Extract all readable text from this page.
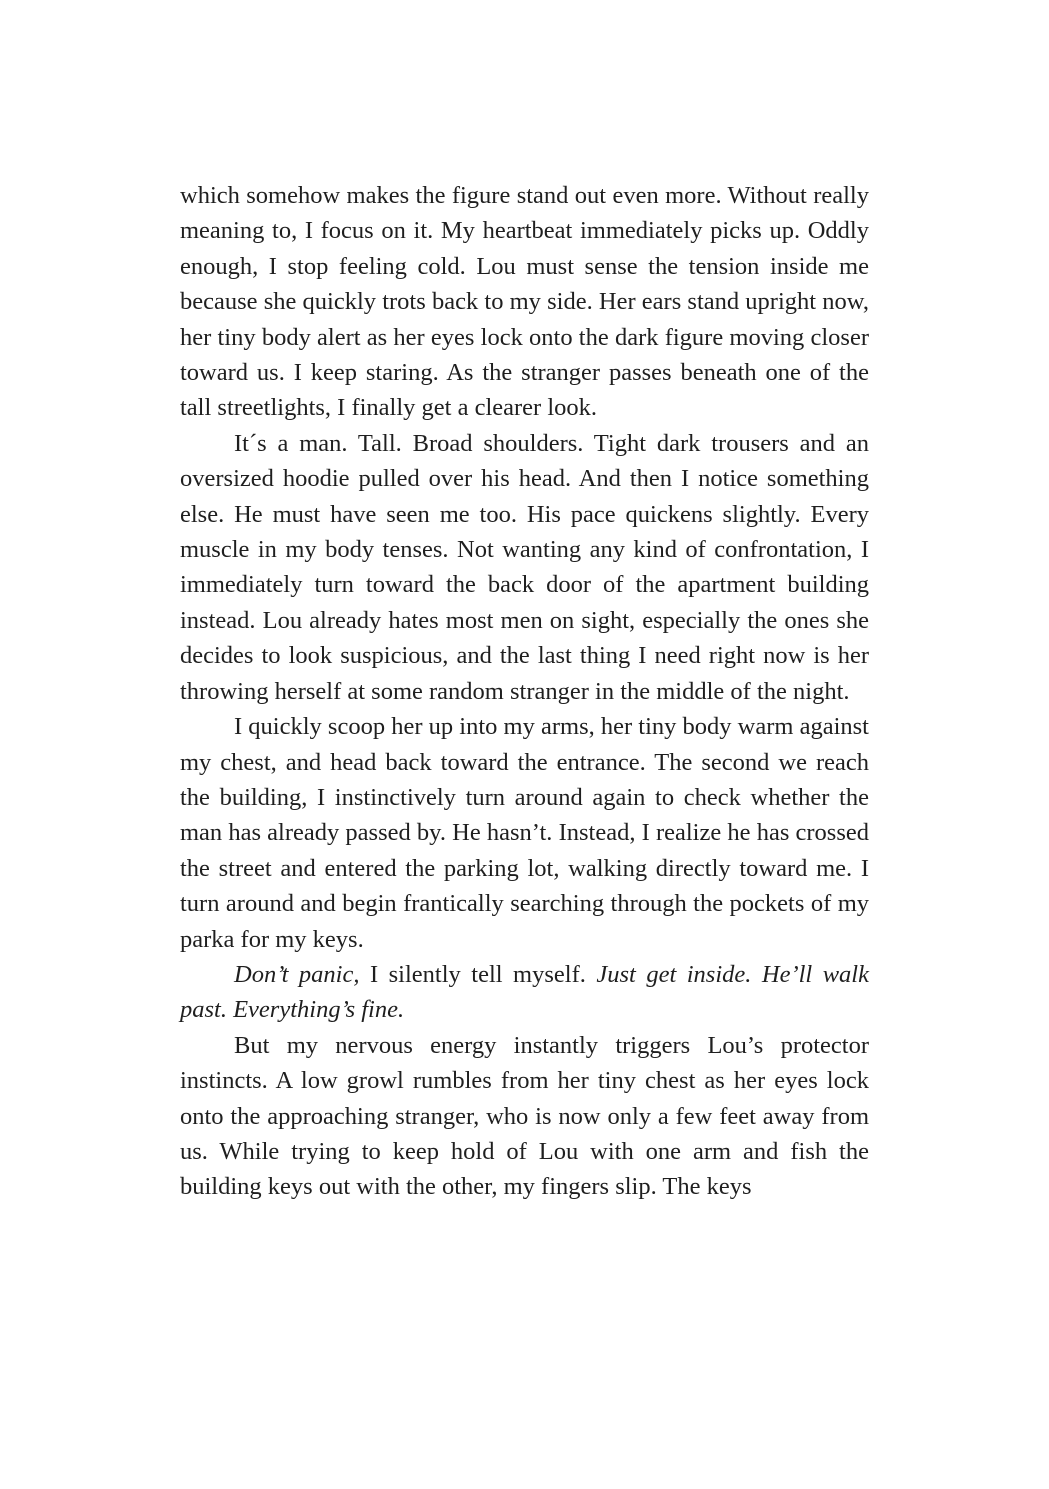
which somehow makes the figure stand out even more. Without really meaning to, I focus on it. My heartbeat immediately picks up. Oddly enough, I stop feeling cold. Lou must sense the tension inside me because she quickly trots back to my side. Her ears stand upright now, her tiny body alert as her eyes lock onto the dark figure moving closer toward us. I keep staring. As the stranger passes beneath one of the tall streetlights, I finally get a clearer look.

It´s a man. Tall. Broad shoulders. Tight dark trousers and an oversized hoodie pulled over his head. And then I notice something else. He must have seen me too. His pace quickens slightly. Every muscle in my body tenses. Not wanting any kind of confrontation, I immediately turn toward the back door of the apartment building instead. Lou already hates most men on sight, especially the ones she decides to look suspicious, and the last thing I need right now is her throwing herself at some random stranger in the middle of the night.

I quickly scoop her up into my arms, her tiny body warm against my chest, and head back toward the entrance. The second we reach the building, I instinctively turn around again to check whether the man has already passed by. He hasn’t. Instead, I realize he has crossed the street and entered the parking lot, walking directly toward me. I turn around and begin frantically searching through the pockets of my parka for my keys.

Don’t panic, I silently tell myself. Just get inside. He’ll walk past. Everything’s fine.

But my nervous energy instantly triggers Lou’s protector instincts. A low growl rumbles from her tiny chest as her eyes lock onto the approaching stranger, who is now only a few feet away from us. While trying to keep hold of Lou with one arm and fish the building keys out with the other, my fingers slip. The keys
